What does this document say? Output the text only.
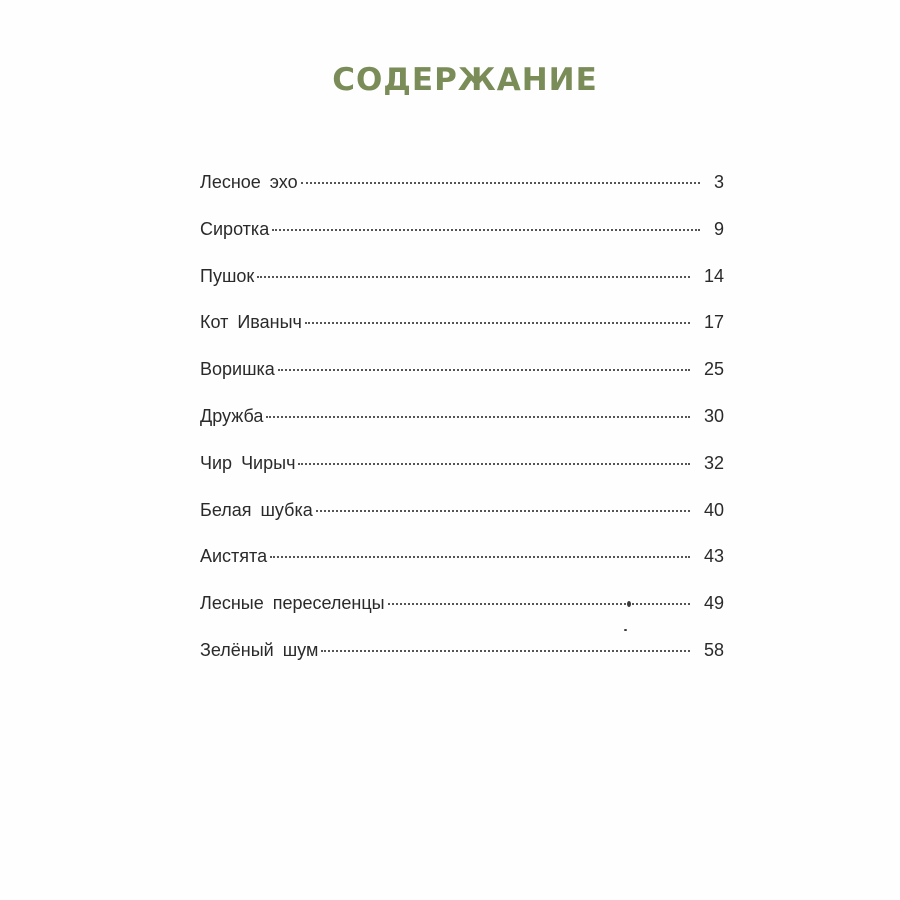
СОДЕРЖАНИЕ
Лесное эхо	3
Сиротка	9
Пушок	14
Кот Иваныч	17
Воришка	25
Дружба	30
Чир Чирыч	32
Белая шубка	40
Аистята	43
Лесные переселенцы	49
Зелёный шум	58
